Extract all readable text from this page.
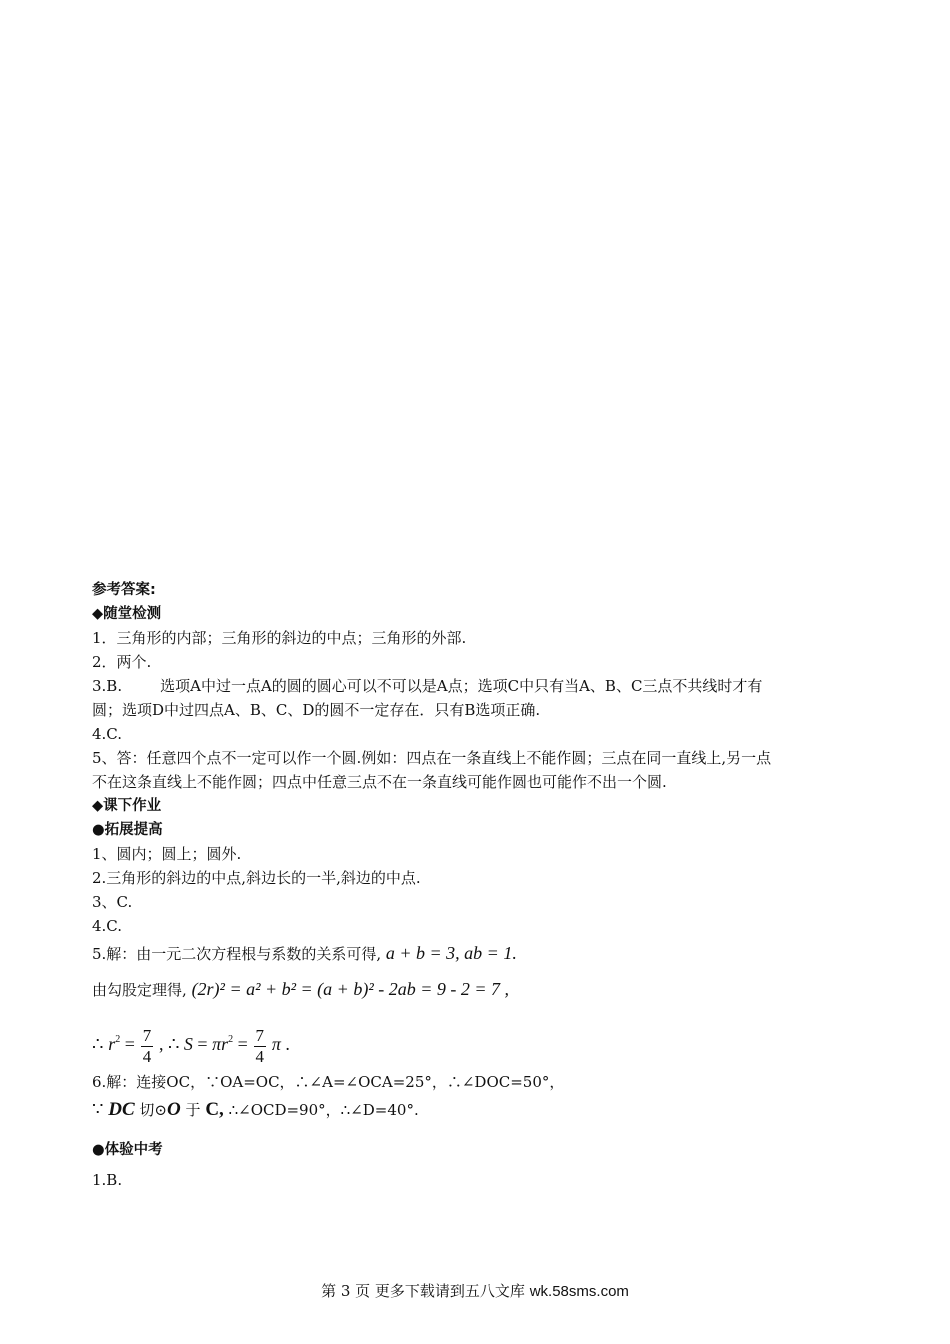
参考答案:
◆随堂检测
1．三角形的内部；三角形的斜边的中点；三角形的外部.
2．两个.
3.B.	选项A中过一点A的圆的圆心可以不可以是A点；选项C中只有当A、B、C三点不共线时才有
圆；选项D中过四点A、B、C、D的圆不一定存在．只有B选项正确.
4.C.
5、答：任意四个点不一定可以作一个圆.例如：四点在一条直线上不能作圆；三点在同一直线上,另一点
不在这条直线上不能作圆；四点中任意三点不在一条直线可能作圆也可能作不出一个圆.
◆课下作业
●拓展提高
1、圆内；圆上；圆外.
2.三角形的斜边的中点,斜边长的一半,斜边的中点.
3、C.
4.C.
5.解：由一元二次方程根与系数的关系可得, a + b = 3, ab = 1.
由勾股定理得, (2r)² = a² + b² = (a + b)² - 2ab = 9 - 2 = 7 ,
∴ $r^2 = \frac{7}{4}$ , ∴ $S = \pi r^2 = \frac{7}{4}$ π .
6.解：连接OC，∵OA=OC，∴∠A=∠OCA=25°，∴∠DOC=50°，
∵ DC 切⊙O 于 C, ∴∠OCD=90°，∴∠D=40°.
●体验中考
1.B.
第 3 页 更多下载请到五八文库 wk.58sms.com
